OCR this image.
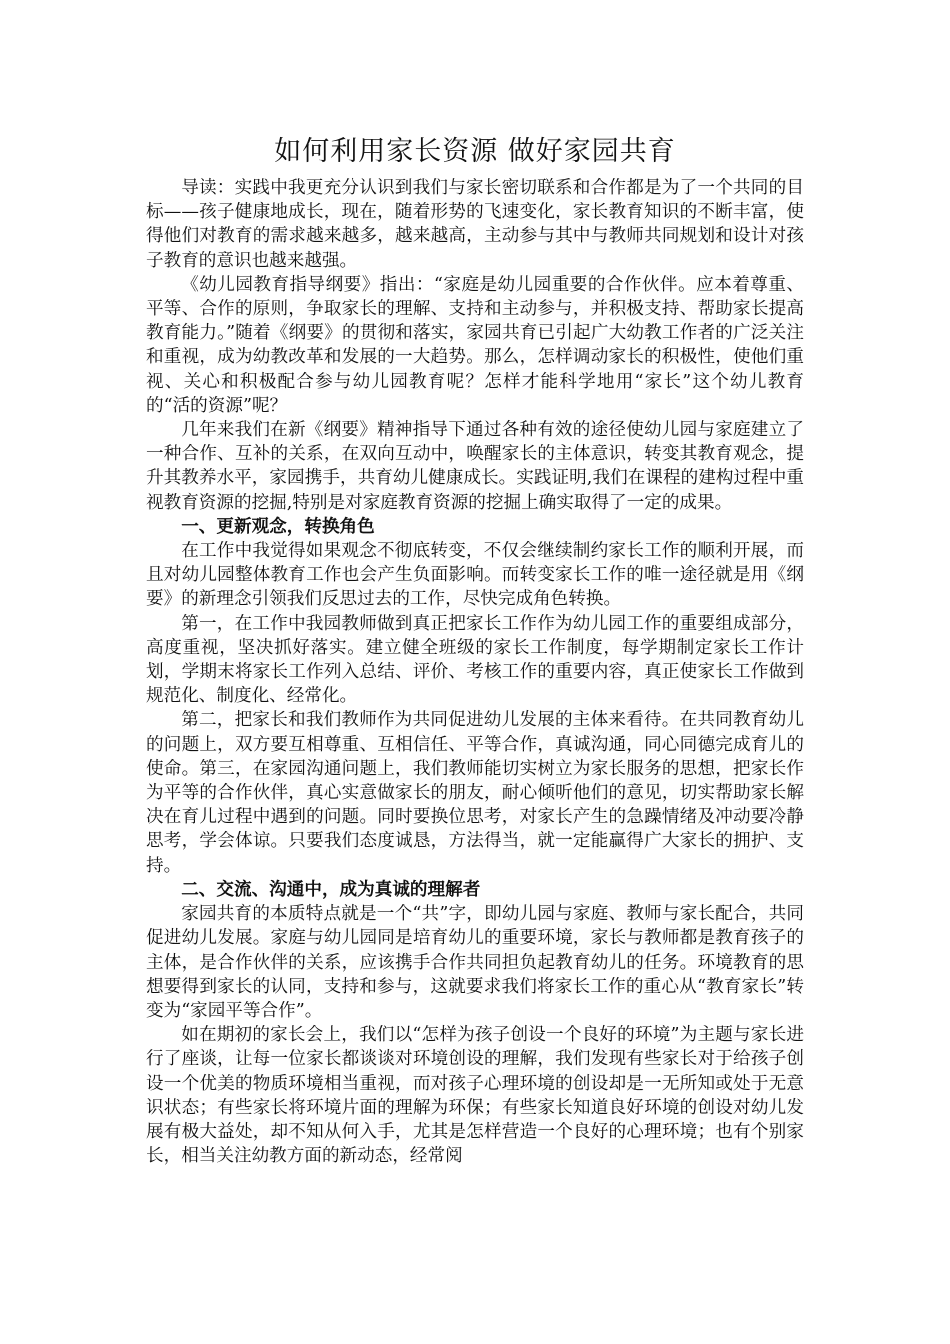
如何利用家长资源 做好家园共育

导读：实践中我更充分认识到我们与家长密切联系和合作都是为了一个共同的目标——孩子健康地成长，现在，随着形势的飞速变化，家长教育知识的不断丰富，使得他们对教育的需求越来越多，越来越高，主动参与其中与教师共同规划和设计对孩子教育的意识也越来越强。

《幼儿园教育指导纲要》指出：“家庭是幼儿园重要的合作伙伴。应本着尊重、平等、合作的原则，争取家长的理解、支持和主动参与，并积极支持、帮助家长提高教育能力。”随着《纲要》的贯彻和落实，家园共育已引起广大幼教工作者的广泛关注和重视，成为幼教改革和发展的一大趋势。那么，怎样调动家长的积极性，使他们重视、关心和积极配合参与幼儿园教育呢？怎样才能科学地用“家长”这个幼儿教育的“活的资源”呢？

几年来我们在新《纲要》精神指导下通过各种有效的途径使幼儿园与家庭建立了一种合作、互补的关系，在双向互动中，唤醒家长的主体意识，转变其教育观念，提升其教养水平，家园携手，共育幼儿健康成长。实践证明,我们在课程的建构过程中重视教育资源的挖掘,特别是对家庭教育资源的挖掘上确实取得了一定的成果。

一、更新观念，转换角色

在工作中我觉得如果观念不彻底转变，不仅会继续制约家长工作的顺利开展，而且对幼儿园整体教育工作也会产生负面影响。而转变家长工作的唯一途径就是用《纲要》的新理念引领我们反思过去的工作，尽快完成角色转换。

第一，在工作中我园教师做到真正把家长工作作为幼儿园工作的重要组成部分，高度重视，坚决抓好落实。建立健全班级的家长工作制度，每学期制定家长工作计划，学期末将家长工作列入总结、评价、考核工作的重要内容，真正使家长工作做到规范化、制度化、经常化。

第二，把家长和我们教师作为共同促进幼儿发展的主体来看待。在共同教育幼儿的问题上，双方要互相尊重、互相信任、平等合作，真诚沟通，同心同德完成育儿的使命。第三，在家园沟通问题上，我们教师能切实树立为家长服务的思想，把家长作为平等的合作伙伴，真心实意做家长的朋友，耐心倾听他们的意见，切实帮助家长解决在育儿过程中遇到的问题。同时要换位思考，对家长产生的急躁情绪及冲动要冷静思考，学会体谅。只要我们态度诚恳，方法得当，就一定能赢得广大家长的拥护、支持。

二、交流、沟通中，成为真诚的理解者

家园共育的本质特点就是一个“共”字，即幼儿园与家庭、教师与家长配合，共同促进幼儿发展。家庭与幼儿园同是培育幼儿的重要环境，家长与教师都是教育孩子的主体，是合作伙伴的关系，应该携手合作共同担负起教育幼儿的任务。环境教育的思想要得到家长的认同，支持和参与，这就要求我们将家长工作的重心从“教育家长”转变为“家园平等合作”。

如在期初的家长会上，我们以“怎样为孩子创设一个良好的环境”为主题与家长进行了座谈，让每一位家长都谈谈对环境创设的理解，我们发现有些家长对于给孩子创设一个优美的物质环境相当重视，而对孩子心理环境的创设却是一无所知或处于无意识状态；有些家长将环境片面的理解为环保；有些家长知道良好环境的创设对幼儿发展有极大益处，却不知从何入手，尤其是怎样营造一个良好的心理环境；也有个别家长，相当关注幼教方面的新动态，经常阅
